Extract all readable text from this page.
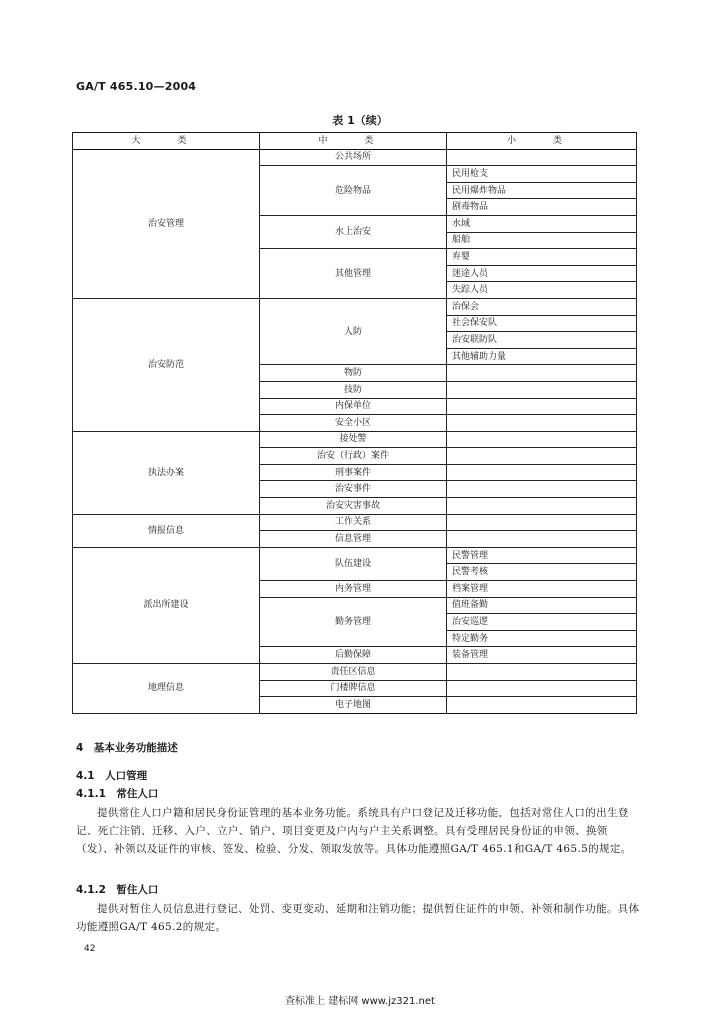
GA/T 465.10—2004
表 1（续）
大　类	中　类	小　类
治安管理	公共场所	
	危险物品	民用枪支
		民用爆炸物品
		剧毒物品
	水上治安	水域
		船舶
	其他管理	弃婴
		迷途人员
		失踪人员
治安防范	人防	治保会
		社会保安队
		治安联防队
		其他辅助力量
	物防	
	技防	
	内保单位	
	安全小区	
执法办案	接处警	
	治安（行政）案件	
	刑事案件	
	治安事件	
	治安灾害事故	
情报信息	工作关系	
	信息管理	
派出所建设	队伍建设	民警管理
		民警考核
	内务管理	档案管理
	勤务管理	值班备勤
		治安巡逻
		特定勤务
	后勤保障	装备管理
地理信息	责任区信息	
	门楼牌信息	
	电子地图	
4　基本业务功能描述
4.1　人口管理
4.1.1　常住人口
提供常住人口户籍和居民身份证管理的基本业务功能。系统具有户口登记及迁移功能，包括对常住人口的出生登记、死亡注销、迁移、入户、立户、销户、项目变更及户内与户主关系调整。具有受理居民身份证的申领、换领（发）、补领以及证件的审核、签发、检验、分发、领取发放等。具体功能遵照GA/T 465.1和GA/T 465.5的规定。
4.1.2　暂住人口
提供对暂住人员信息进行登记、处罚、变更变动、延期和注销功能；提供暂住证件的申领、补领和制作功能。具体功能遵照GA/T 465.2的规定。
42
查标准上 建标网 www.jz321.net
